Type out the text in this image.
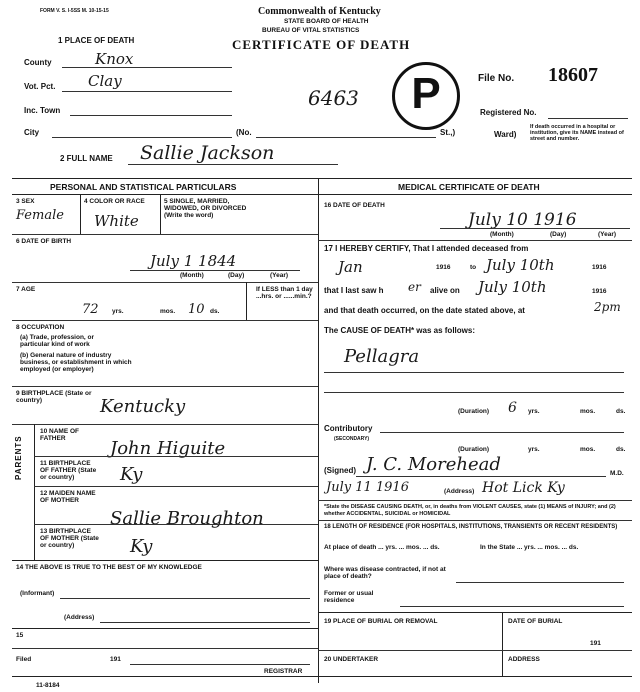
FORM V. S. I-5SS M. 10-15-15	Commonwealth of Kentucky
STATE BOARD OF HEALTH
BUREAU OF VITAL STATISTICS
CERTIFICATE OF DEATH
6463	P	File No. 18607
Registered No.
1 PLACE OF DEATH
County	Knox
Vot. Pct. Clay
Inc. Town
City	(No.	St.,)	Ward)
If death occurred in a hospital or institution, give its NAME instead of street and number.
2 FULL NAME Sallie Jackson
PERSONAL AND STATISTICAL PARTICULARS
3 SEX
Female
4 COLOR OR RACE
White
5 SINGLE, MARRIED, WIDOWED, OR DIVORCED (Write the word)
6 DATE OF BIRTH
July 1 1844
(Month)	(Day)	(Year)
7 AGE
72 yrs.	mos. 10 ds.
If LESS than 1 day ...hrs. or ......min.?
8 OCCUPATION
(a) Trade, profession, or particular kind of work
(b) General nature of industry business, or establishment in which employed (or employer)
9 BIRTHPLACE (State or country)	Kentucky
PARENTS
10 NAME OF FATHER	John Higuite
11 BIRTHPLACE OF FATHER (State or country)	Ky
12 MAIDEN NAME OF MOTHER
Sallie Broughton
13 BIRTHPLACE OF MOTHER (State or country)	Ky
14 THE ABOVE IS TRUE TO THE BEST OF MY KNOWLEDGE
(Informant)
(Address)
15
Filed	191
REGISTRAR
11-8184
MEDICAL CERTIFICATE OF DEATH
16 DATE OF DEATH
July 10 1916
(Month)	(Day)	(Year)
17 I HEREBY CERTIFY, That I attended deceased from
Jan	1916	to July 10th	1916
that I last saw h er alive on July 10th	1916
and that death occurred, on the date stated above, at	2pm
The CAUSE OF DEATH* was as follows:
Pellagra
(Duration) 6 yrs.	mos.	ds.
Contributory
(SECONDARY)
(Duration)	yrs.	mos.	ds.
(Signed) J. C. Morehead	M.D.
July 11 1916	(Address) Hot Lick Ky
*State the DISEASE CAUSING DEATH, or, in deaths from VIOLENT CAUSES, state (1) MEANS of INJURY; and (2) whether ACCIDENTAL, SUICIDAL or HOMICIDAL
18 LENGTH OF RESIDENCE (FOR HOSPITALS, INSTITUTIONS, TRANSIENTS OR RECENT RESIDENTS)
At place of death ... yrs. ... mos. ... ds.	In the State ... yrs. ... mos. ... ds.
Where was disease contracted, if not at place of death?
Former or usual residence
19 PLACE OF BURIAL OR REMOVAL	DATE OF BURIAL
191
20 UNDERTAKER	ADDRESS
